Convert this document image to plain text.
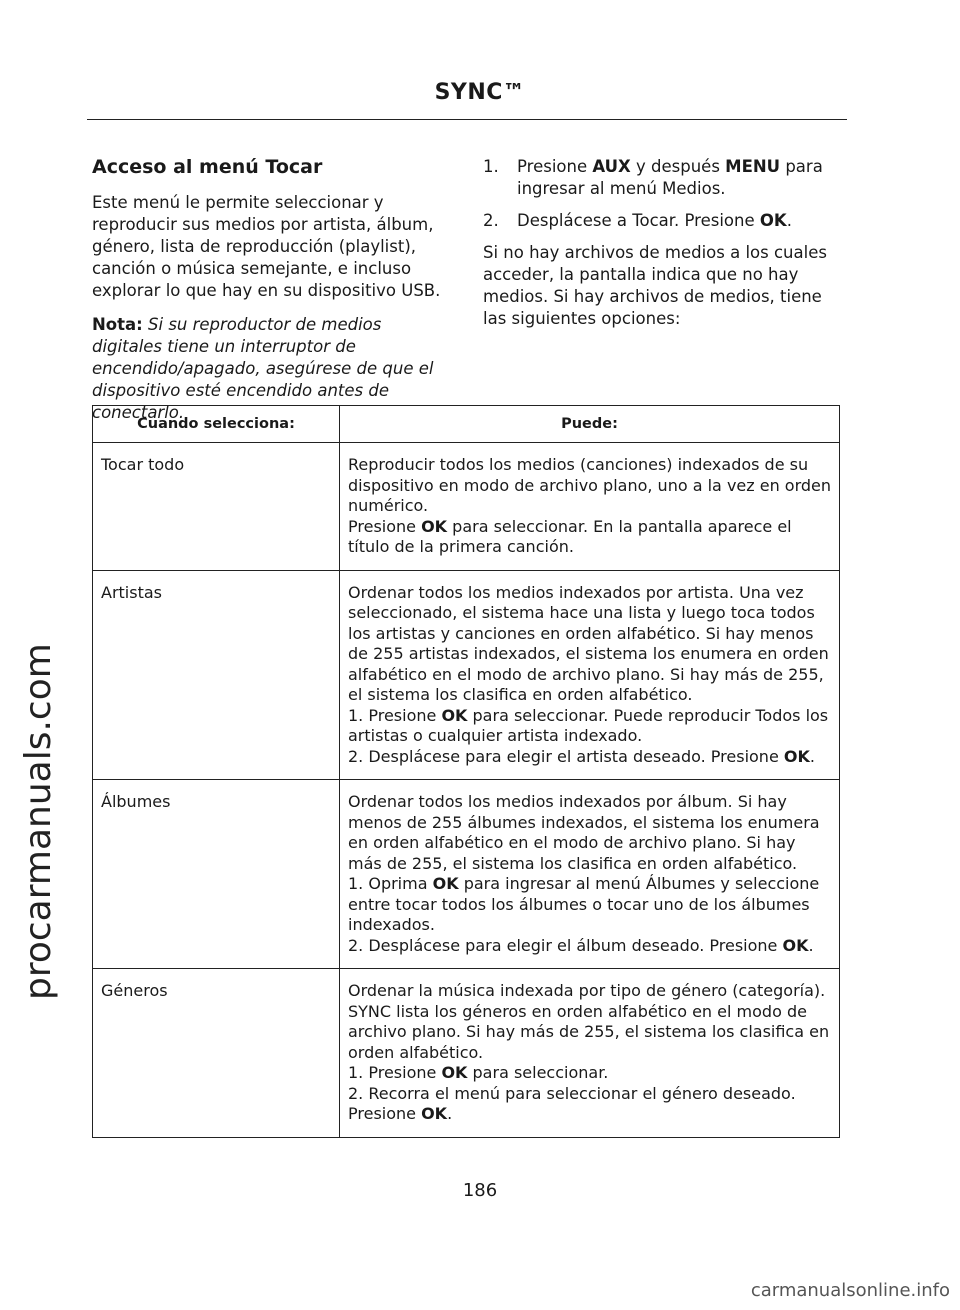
SYNC™
procarmanuals.com
Acceso al menú Tocar

Este menú le permite seleccionar y reproducir sus medios por artista, álbum, género, lista de reproducción (playlist), canción o música semejante, e incluso explorar lo que hay en su dispositivo USB.

Nota: Si su reproductor de medios digitales tiene un interruptor de encendido/apagado, asegúrese de que el dispositivo esté encendido antes de conectarlo.

1.	Presione AUX y después MENU para ingresar al menú Medios.
2.	Desplácese a Tocar. Presione OK.

Si no hay archivos de medios a los cuales acceder, la pantalla indica que no hay medios. Si hay archivos de medios, tiene las siguientes opciones:

Cuando selecciona:	Puede:
Tocar todo	Reproducir todos los medios (canciones) indexados de su dispositivo en modo de archivo plano, uno a la vez en orden numérico.
Presione OK para seleccionar. En la pantalla aparece el título de la primera canción.

Artistas	Ordenar todos los medios indexados por artista. Una vez seleccionado, el sistema hace una lista y luego toca todos los artistas y canciones en orden alfabético. Si hay menos de 255 artistas indexados, el sistema los enumera en orden alfabético en el modo de archivo plano. Si hay más de 255, el sistema los clasifica en orden alfabético.
1. Presione OK para seleccionar. Puede reproducir Todos los artistas o cualquier artista indexado.
2. Desplácese para elegir el artista deseado. Presione OK.

Álbumes	Ordenar todos los medios indexados por álbum. Si hay menos de 255 álbumes indexados, el sistema los enumera en orden alfabético en el modo de archivo plano. Si hay más de 255, el sistema los clasifica en orden alfabético.
1. Oprima OK para ingresar al menú Álbumes y seleccione entre tocar todos los álbumes o tocar uno de los álbumes indexados.
2. Desplácese para elegir el álbum deseado. Presione OK.

Géneros	Ordenar la música indexada por tipo de género (categoría). SYNC lista los géneros en orden alfabético en el modo de archivo plano. Si hay más de 255, el sistema los clasifica en orden alfabético.
1. Presione OK para seleccionar.
2. Recorra el menú para seleccionar el género deseado. Presione OK.
186
carmanualsonline.info
